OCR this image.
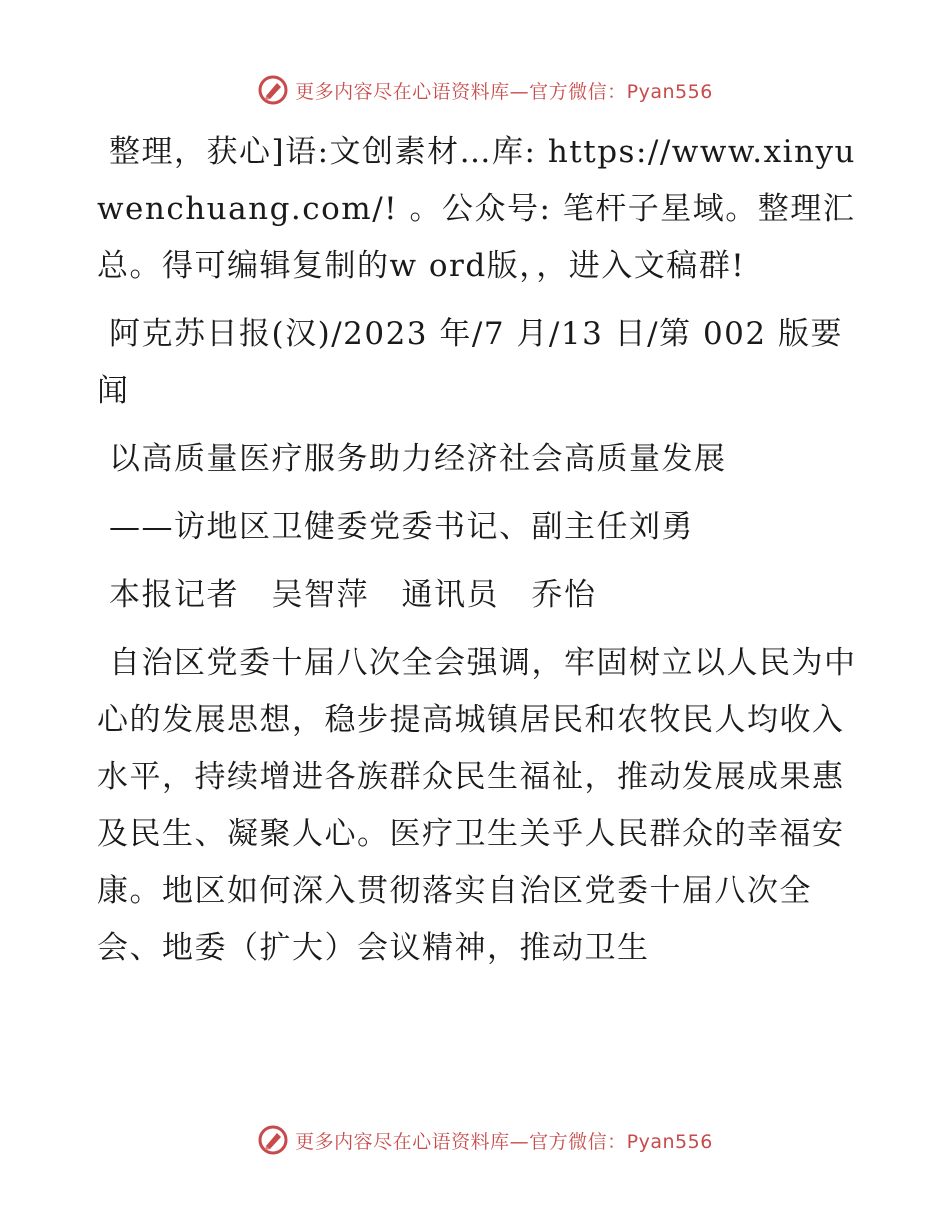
更多内容尽在心语资料库—官方微信：Pyan556

整理，获心]语:文创素材…库: https://www.xinyuwenchuang.com/! 。公众号: 笔杆子星域。整理汇总。得可编辑复制的w ord版，，进入文稿群!

阿克苏日报(汉)/2023 年/7 月/13 日/第 002 版要闻

以高质量医疗服务助力经济社会高质量发展

——访地区卫健委党委书记、副主任刘勇

本报记者　吴智萍　通讯员　乔怡

自治区党委十届八次全会强调，牢固树立以人民为中心的发展思想，稳步提高城镇居民和农牧民人均收入水平，持续增进各族群众民生福祉，推动发展成果惠及民生、凝聚人心。医疗卫生关乎人民群众的幸福安康。地区如何深入贯彻落实自治区党委十届八次全会、地委（扩大）会议精神，推动卫生

更多内容尽在心语资料库—官方微信：Pyan556
